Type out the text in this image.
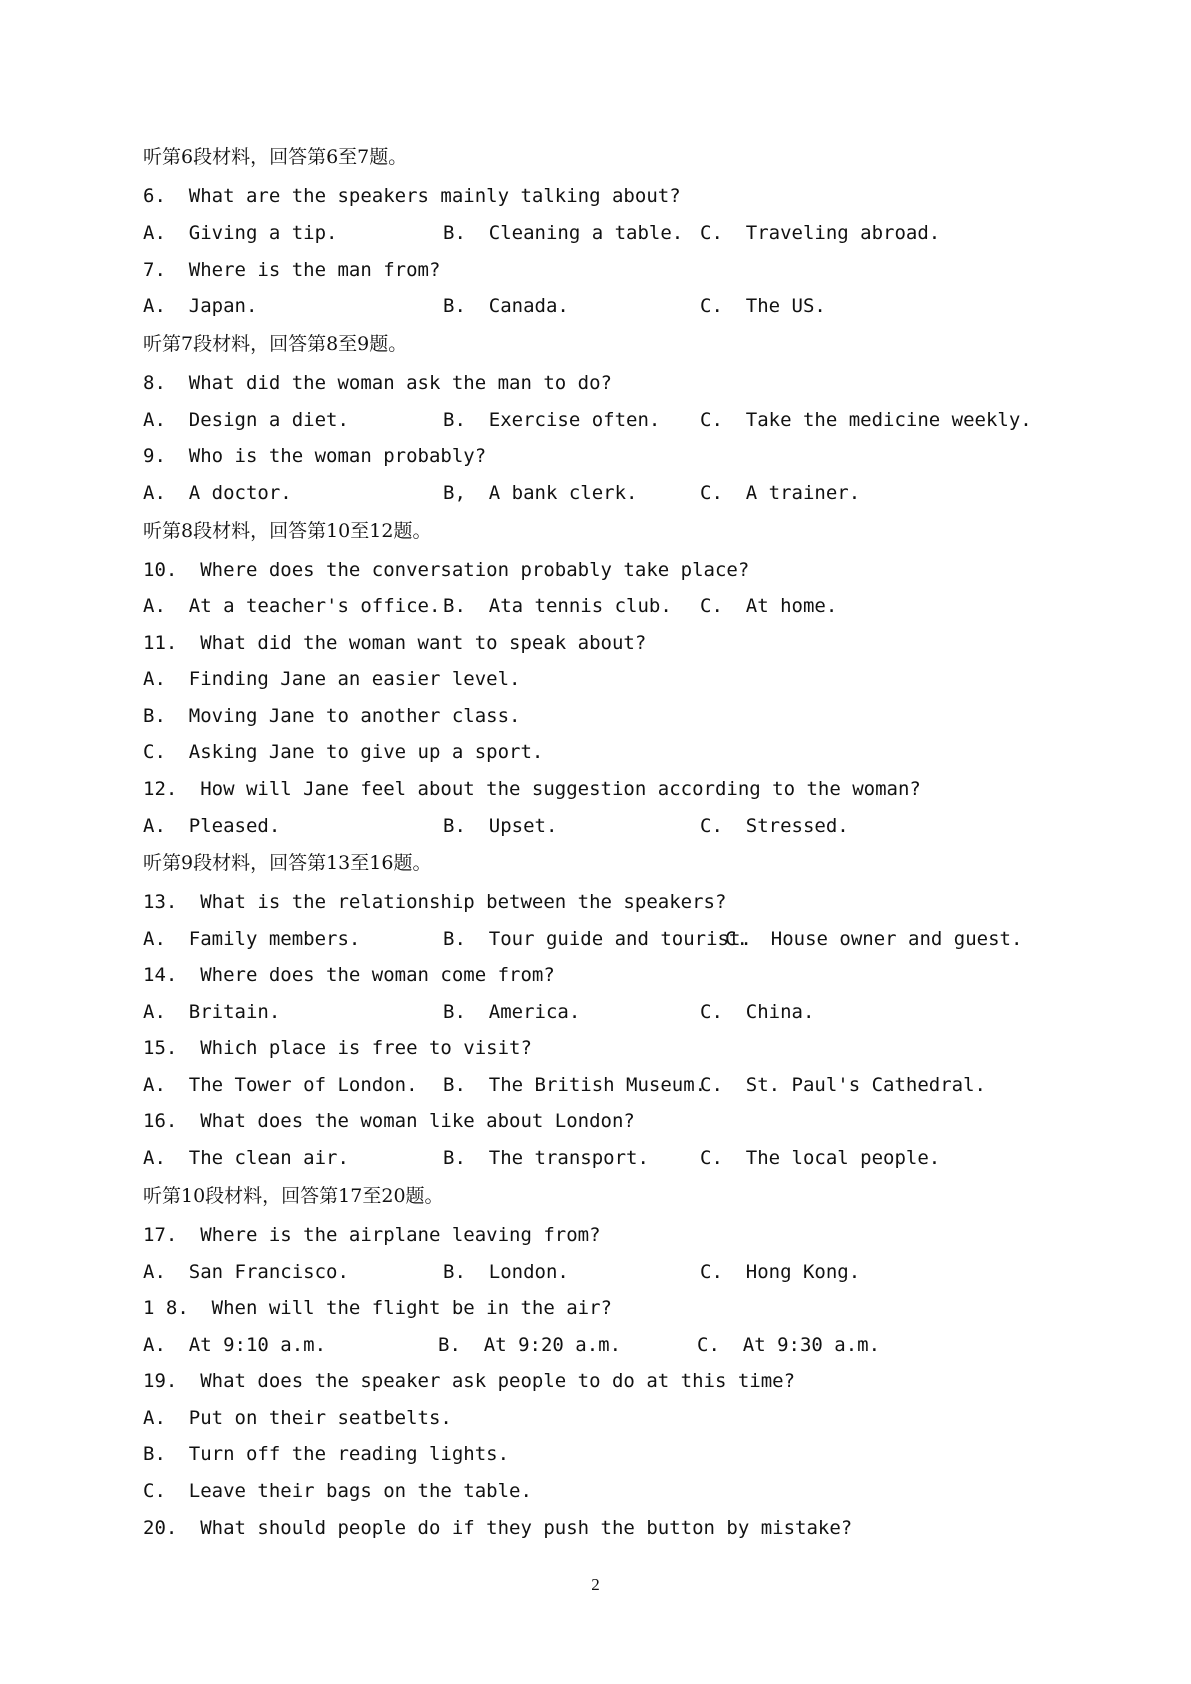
听第6段材料，回答第6至7题。
6.  What are the speakers mainly talking about?
A.  Giving a tip.	B.  Cleaning a table. C.  Traveling abroad.
7.  Where is the man from?
A.  Japan.	B.  Canada.	C.  The US.
听第7段材料，回答第8至9题。
8.  What did the woman ask the man to do?
A.  Design a diet.	B.  Exercise often. C.  Take the medicine weekly.
9.  Who is the woman probably?
A.  A doctor.	B,  A bank clerk.	C.  A trainer.
听第8段材料，回答第10至12题。
10.  Where does the conversation probably take place?
A.  At a teacher's office. B.  Ata tennis club. C.  At home.
11.  What did the woman want to speak about?
A.  Finding Jane an easier level.
B.  Moving Jane to another class.
C.  Asking Jane to give up a sport.
12.  How will Jane feel about the suggestion according to the woman?
A.  Pleased.	B.  Upset.	C.  Stressed.
听第9段材料，回答第13至16题。
13.  What is the relationship between the speakers?
A.  Family members.	B.  Tour guide and tourist.
C.  House owner and guest.
14.  Where does the woman come from?
A.  Britain.	B.  America.	C.  China.
15.  Which place is free to visit?
A.  The Tower of London. B.  The British Museum.
C.  St. Paul's Cathedral.
16.  What does the woman like about London?
A.  The clean air.	B.  The transport.	C.  The local people.
听第10段材料，回答第17至20题。
17.  Where is the airplane leaving from?
A.  San Francisco.	B.  London.	C.  Hong Kong.
1 8.  When will the flight be in the air?
A.  At 9:10 a.m.	B.  At 9:20 a.m.	C.  At 9:30 a.m.
19.  What does the speaker ask people to do at this time?
A.  Put on their seatbelts.
B.  Turn off the reading lights.
C.  Leave their bags on the table.
20.  What should people do if they push the button by mistake?
2
